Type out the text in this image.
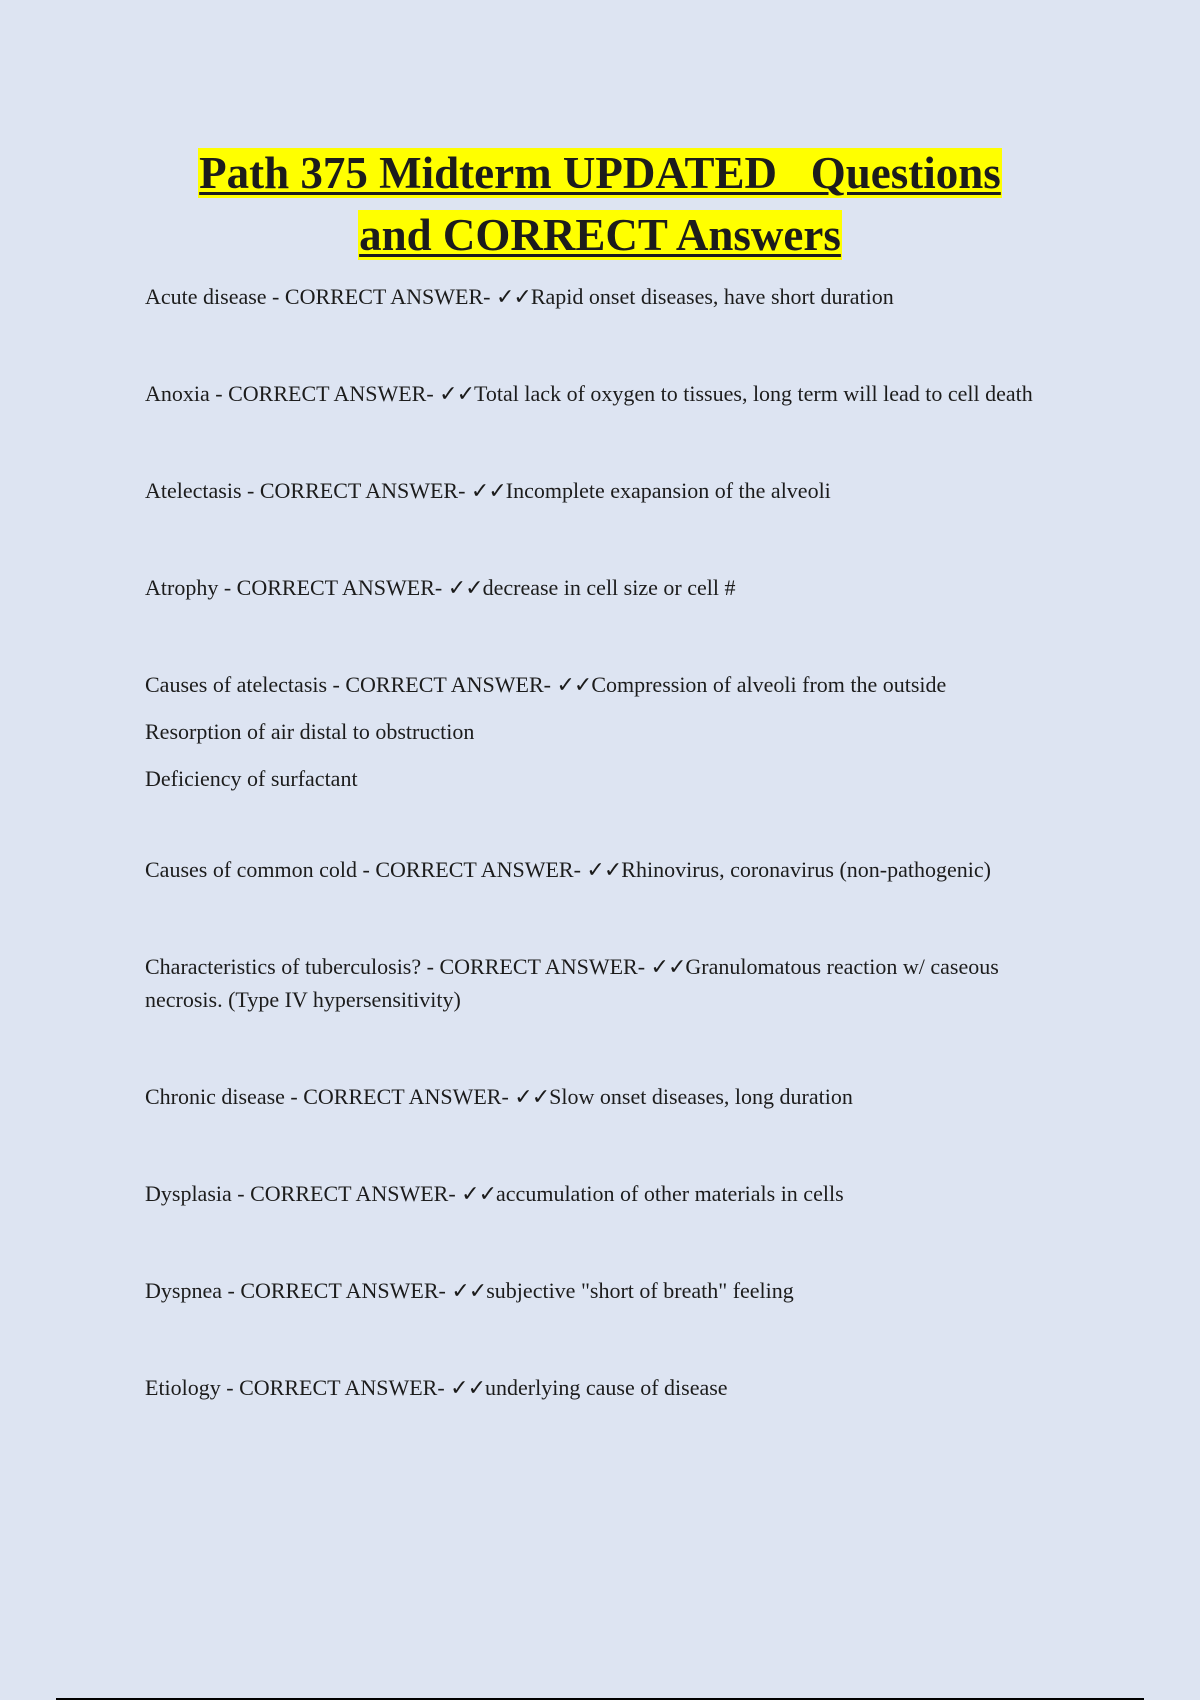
Path 375 Midterm UPDATED   Questions
and CORRECT Answers

Acute disease - CORRECT ANSWER- ✓✓Rapid onset diseases, have short duration

Anoxia - CORRECT ANSWER- ✓✓Total lack of oxygen to tissues, long term will lead to cell death

Atelectasis - CORRECT ANSWER- ✓✓Incomplete exapansion of the alveoli

Atrophy - CORRECT ANSWER- ✓✓decrease in cell size or cell #

Causes of atelectasis - CORRECT ANSWER- ✓✓Compression of alveoli from the outside
Resorption of air distal to obstruction
Deficiency of surfactant

Causes of common cold - CORRECT ANSWER- ✓✓Rhinovirus, coronavirus (non-pathogenic)

Characteristics of tuberculosis? - CORRECT ANSWER- ✓✓Granulomatous reaction w/ caseous necrosis. (Type IV hypersensitivity)

Chronic disease - CORRECT ANSWER- ✓✓Slow onset diseases, long duration

Dysplasia - CORRECT ANSWER- ✓✓accumulation of other materials in cells

Dyspnea - CORRECT ANSWER- ✓✓subjective "short of breath" feeling

Etiology - CORRECT ANSWER- ✓✓underlying cause of disease
